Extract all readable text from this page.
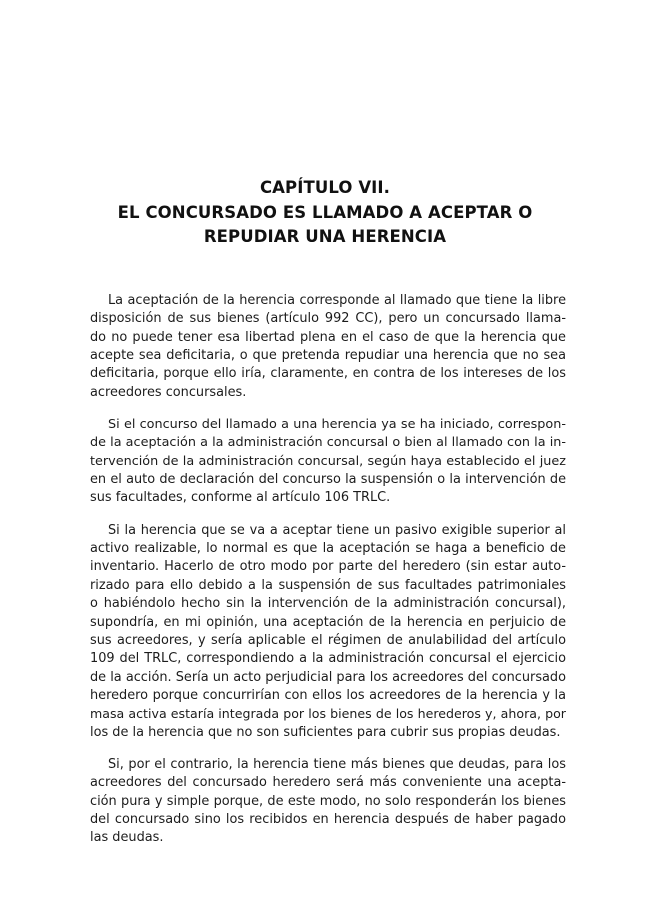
CAPÍTULO VII.
EL CONCURSADO ES LLAMADO A ACEPTAR O
REPUDIAR UNA HERENCIA

La aceptación de la herencia corresponde al llamado que tiene la libre
disposición de sus bienes (artículo 992 CC), pero un concursado llama-
do no puede tener esa libertad plena en el caso de que la herencia que
acepte sea deficitaria, o que pretenda repudiar una herencia que no sea
deficitaria, porque ello iría, claramente, en contra de los intereses de los
acreedores concursales.

Si el concurso del llamado a una herencia ya se ha iniciado, correspon-
de la aceptación a la administración concursal o bien al llamado con la in-
tervención de la administración concursal, según haya establecido el juez
en el auto de declaración del concurso la suspensión o la intervención de
sus facultades, conforme al artículo 106 TRLC.

Si la herencia que se va a aceptar tiene un pasivo exigible superior al
activo realizable, lo normal es que la aceptación se haga a beneficio de
inventario. Hacerlo de otro modo por parte del heredero (sin estar auto-
rizado para ello debido a la suspensión de sus facultades patrimoniales
o habiéndolo hecho sin la intervención de la administración concursal),
supondría, en mi opinión, una aceptación de la herencia en perjuicio de
sus acreedores, y sería aplicable el régimen de anulabilidad del artículo
109 del TRLC, correspondiendo a la administración concursal el ejercicio
de la acción. Sería un acto perjudicial para los acreedores del concursado
heredero porque concurrirían con ellos los acreedores de la herencia y la
masa activa estaría integrada por los bienes de los herederos y, ahora, por
los de la herencia que no son suficientes para cubrir sus propias deudas.

Si, por el contrario, la herencia tiene más bienes que deudas, para los
acreedores del concursado heredero será más conveniente una acepta-
ción pura y simple porque, de este modo, no solo responderán los bienes
del concursado sino los recibidos en herencia después de haber pagado
las deudas.
